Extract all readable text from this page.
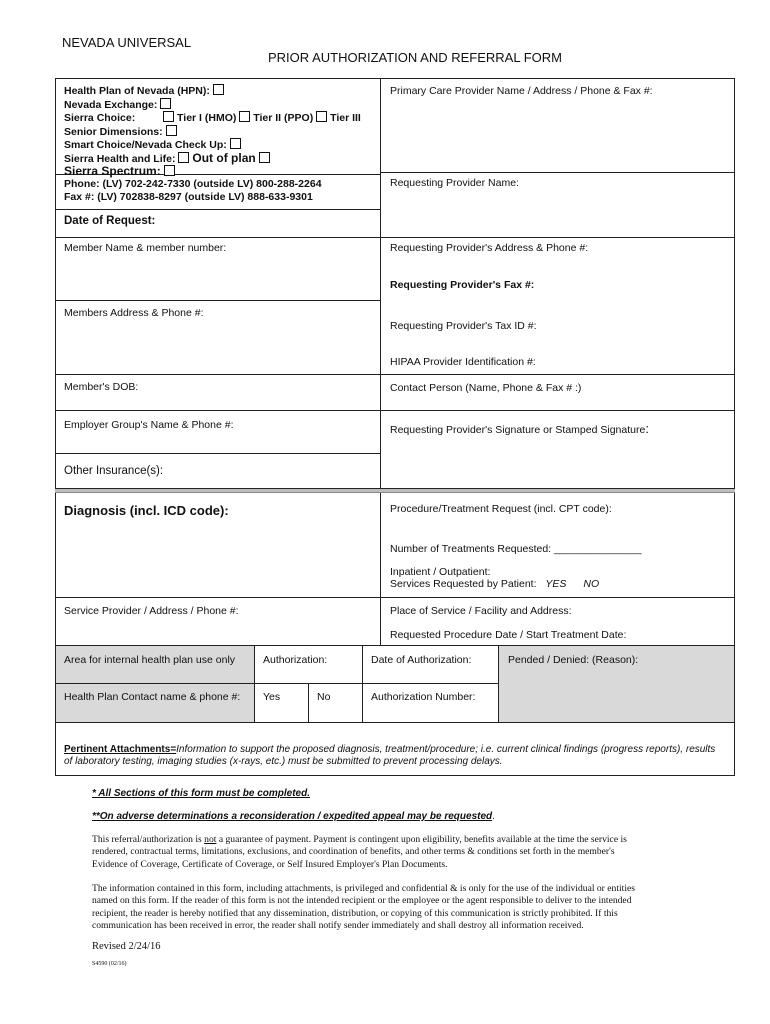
NEVADA UNIVERSAL
PRIOR AUTHORIZATION AND REFERRAL FORM

Health Plan of Nevada (HPN):

Nevada Exchange:

Sierra Choice:	Tier I (HMO) Tier II (PPO) Tier III

Senior Dimensions:

Smart Choice/Nevada Check Up:

Sierra Health and Life: Out of plan

Sierra Spectrum:

Phone: (LV) 702-242-7330 (outside LV) 800-288-2264
Fax #: (LV) 702838-8297 (outside LV) 888-633-9301
Date of Request:
Member Name & member number:
Members Address & Phone #:
Member's DOB:
Employer Group's Name & Phone #:
Other Insurance(s):
Diagnosis (incl. ICD code):
Service Provider / Address / Phone #:
Primary Care Provider Name / Address / Phone & Fax #:
Requesting Provider Name:
Requesting Provider's Address & Phone #:
Requesting Provider's Fax #:
Requesting Provider's Tax ID #:
HIPAA Provider Identification #:
Contact Person (Name, Phone & Fax # :)
Requesting Provider's Signature or Stamped Signature:
Procedure/Treatment Request (incl. CPT code):
Number of Treatments Requested: _______________
Inpatient / Outpatient:
Services Requested by Patient: YES NO
Place of Service / Facility and Address:
Requested Procedure Date / Start Treatment Date:
Area for internal health plan use only	Authorization:	Date of Authorization:	Pended / Denied: (Reason):
Health Plan Contact name & phone #: Yes	No	Authorization Number:
Pertinent Attachments=Information to support the proposed diagnosis, treatment/procedure; i.e. current clinical findings (progress reports), results
of laboratory testing, imaging studies (x-rays, etc.) must be submitted to prevent processing delays.
* All Sections of this form must be completed.
**On adverse determinations a reconsideration / expedited appeal may be requested.
This referral/authorization is not a guarantee of payment. Payment is contingent upon eligibility, benefits available at the time the service is
rendered, contractual terms, limitations, exclusions, and coordination of benefits, and other terms & conditions set forth in the member's
Evidence of Coverage, Certificate of Coverage, or Self Insured Employer's Plan Documents.
The information contained in this form, including attachments, is privileged and confidential & is only for the use of the individual or entities
named on this form. If the reader of this form is not the intended recipient or the employee or the agent responsible to deliver to the intended
recipient, the reader is hereby notified that any dissemination, distribution, or copying of this communication is strictly prohibited. If this
communication has been received in error, the reader shall notify sender immediately and shall destroy all information received.
Revised 2/24/16
S4590 (02/16)
